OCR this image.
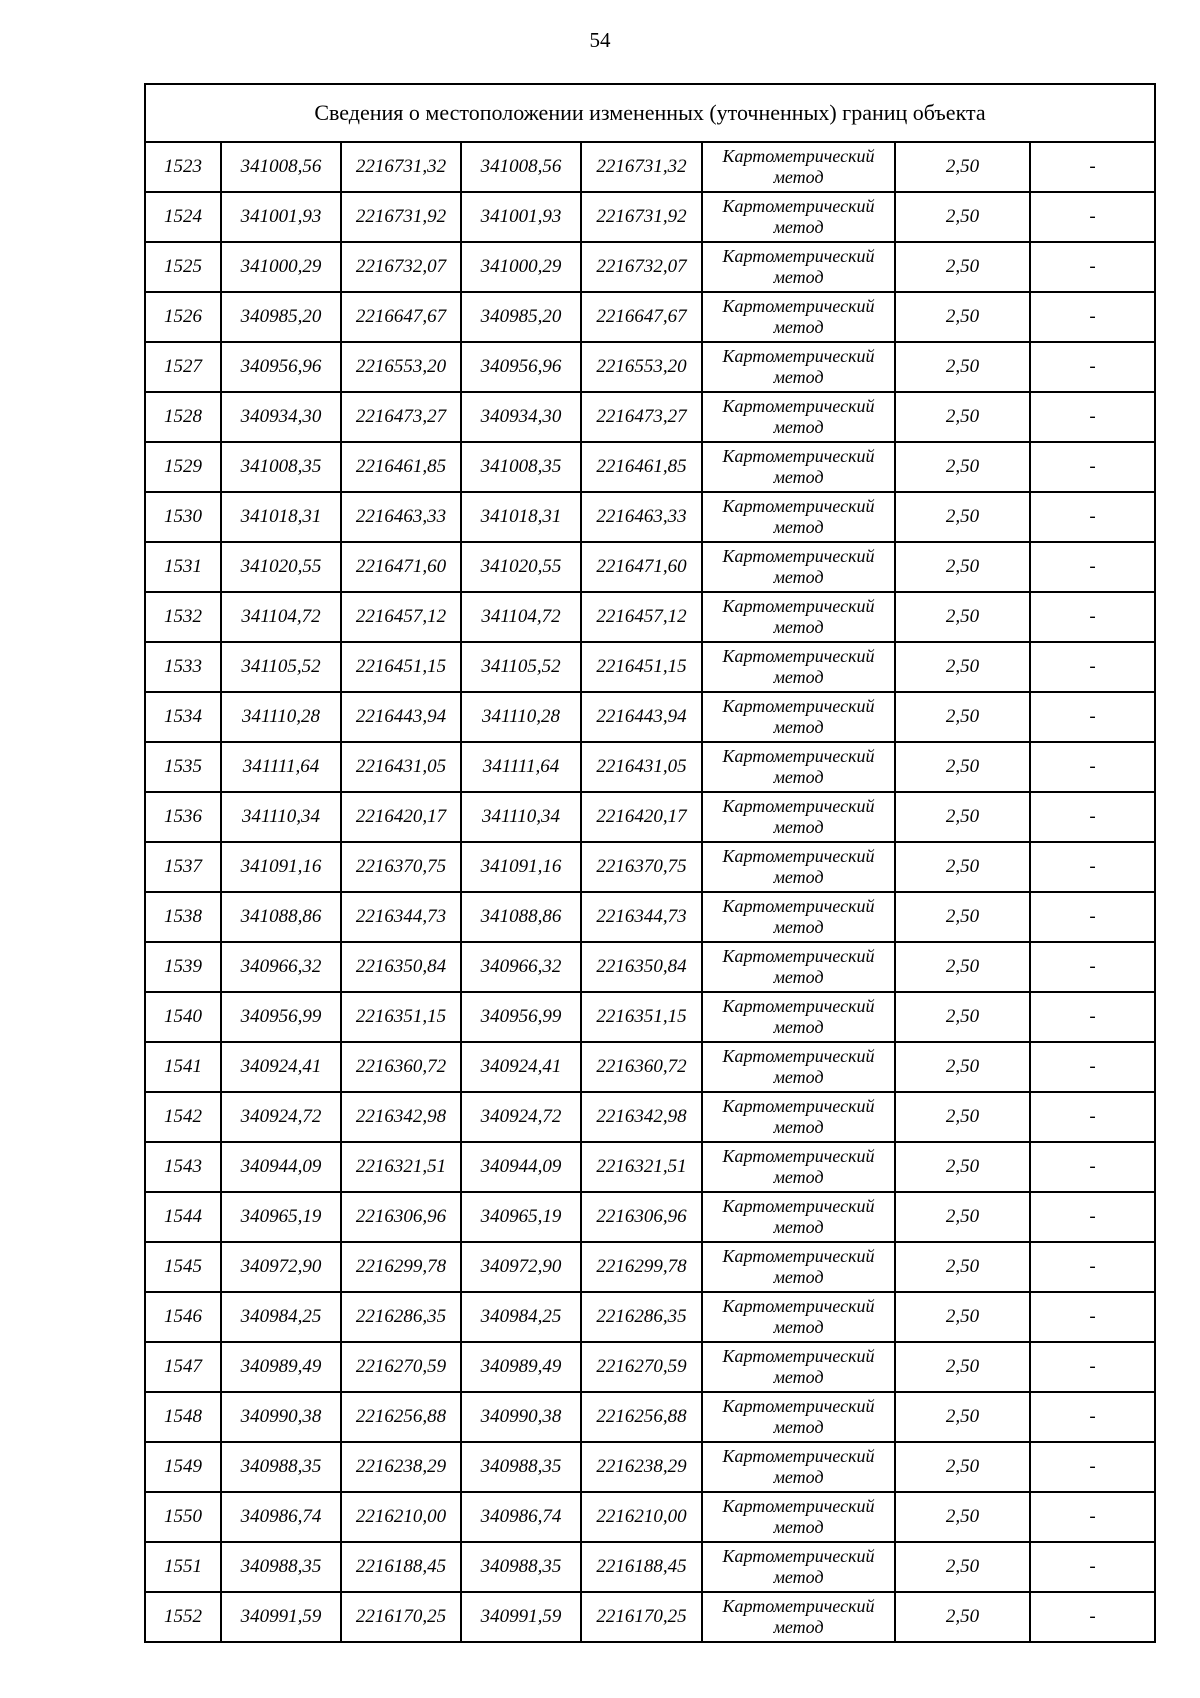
54
Сведения о местоположении измененных (уточненных) границ объекта							
1523	341008,56	2216731,32	341008,56	2216731,32	Картометрический метод	2,50	-
1524	341001,93	2216731,92	341001,93	2216731,92	Картометрический метод	2,50	-
1525	341000,29	2216732,07	341000,29	2216732,07	Картометрический метод	2,50	-
1526	340985,20	2216647,67	340985,20	2216647,67	Картометрический метод	2,50	-
1527	340956,96	2216553,20	340956,96	2216553,20	Картометрический метод	2,50	-
1528	340934,30	2216473,27	340934,30	2216473,27	Картометрический метод	2,50	-
1529	341008,35	2216461,85	341008,35	2216461,85	Картометрический метод	2,50	-
1530	341018,31	2216463,33	341018,31	2216463,33	Картометрический метод	2,50	-
1531	341020,55	2216471,60	341020,55	2216471,60	Картометрический метод	2,50	-
1532	341104,72	2216457,12	341104,72	2216457,12	Картометрический метод	2,50	-
1533	341105,52	2216451,15	341105,52	2216451,15	Картометрический метод	2,50	-
1534	341110,28	2216443,94	341110,28	2216443,94	Картометрический метод	2,50	-
1535	341111,64	2216431,05	341111,64	2216431,05	Картометрический метод	2,50	-
1536	341110,34	2216420,17	341110,34	2216420,17	Картометрический метод	2,50	-
1537	341091,16	2216370,75	341091,16	2216370,75	Картометрический метод	2,50	-
1538	341088,86	2216344,73	341088,86	2216344,73	Картометрический метод	2,50	-
1539	340966,32	2216350,84	340966,32	2216350,84	Картометрический метод	2,50	-
1540	340956,99	2216351,15	340956,99	2216351,15	Картометрический метод	2,50	-
1541	340924,41	2216360,72	340924,41	2216360,72	Картометрический метод	2,50	-
1542	340924,72	2216342,98	340924,72	2216342,98	Картометрический метод	2,50	-
1543	340944,09	2216321,51	340944,09	2216321,51	Картометрический метод	2,50	-
1544	340965,19	2216306,96	340965,19	2216306,96	Картометрический метод	2,50	-
1545	340972,90	2216299,78	340972,90	2216299,78	Картометрический метод	2,50	-
1546	340984,25	2216286,35	340984,25	2216286,35	Картометрический метод	2,50	-
1547	340989,49	2216270,59	340989,49	2216270,59	Картометрический метод	2,50	-
1548	340990,38	2216256,88	340990,38	2216256,88	Картометрический метод	2,50	-
1549	340988,35	2216238,29	340988,35	2216238,29	Картометрический метод	2,50	-
1550	340986,74	2216210,00	340986,74	2216210,00	Картометрический метод	2,50	-
1551	340988,35	2216188,45	340988,35	2216188,45	Картометрический метод	2,50	-
1552	340991,59	2216170,25	340991,59	2216170,25	Картометрический метод	2,50	-
